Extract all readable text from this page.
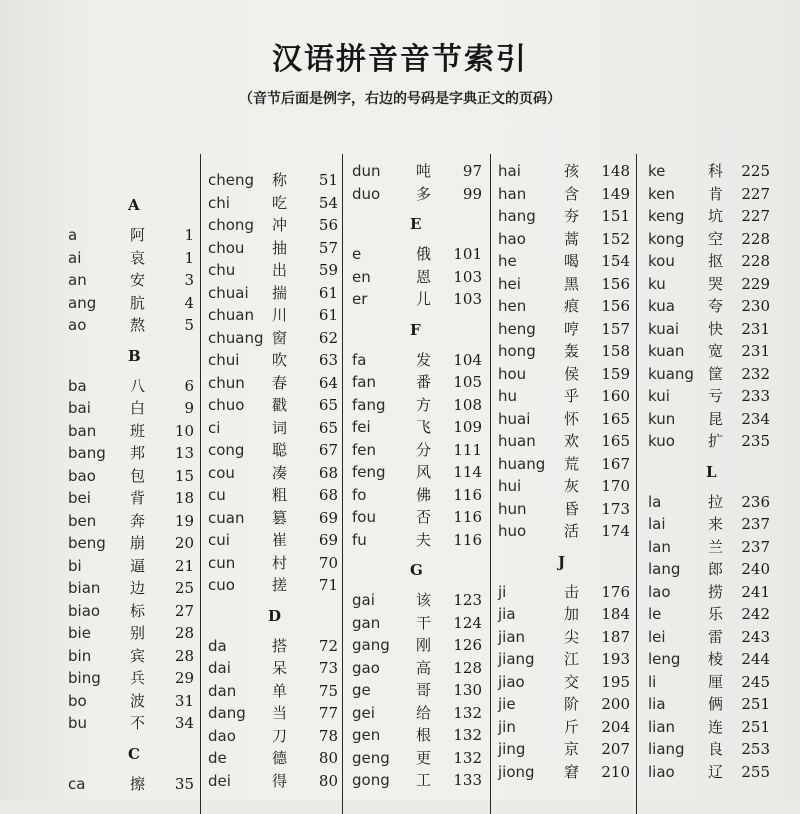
汉语拼音音节索引
（音节后面是例字，右边的号码是字典正文的页码）
A
a	阿	1
ai	哀	1
an	安	3
ang 肮	4
ao	熬	5
B
ba	八	6
bai	白	9
ban 班 10
bang 邦 13
bao 包 15
bei	背 18
ben 奔 19
beng 崩 20
bi	逼 21
bian 边 25
biao 标 27
bie	别 28
bin	宾 28
bing 兵 29
bo	波 31
bu	不 34
C
ca	擦 35
cheng 称 51
chi	吃 54
chong 冲 56
chou 抽 57
chu 出 59
chuai 揣 61
chuan 川 61
chuang 窗 62
chui 吹 63
chun 春 64
chuo 戳 65
ci	词 65
cong 聪 67
cou 凑 68
cu	粗 68
cuan 篡 69
cui	崔 69
cun 村 70
cuo 搓 71
D
da	搭 72
dai	呆 73
dan 单 75
dang 当 77
dao 刀 78
de	德 80
dei	得 80
dun 吨 97
duo 多 99
E
e	俄 101
en	恩 103
er	儿 103
F
fa	发 104
fan	番 105
fang 方 108
fei	飞 109
fen	分 111
feng 风 114
fo	佛 116
fou	否 116
fu	夫 116
G
gai	该 123
gan 干 124
gang 刚 126
gao 高 128
ge	哥 130
gei	给 132
gen 根 132
geng 更 132
gong 工 133
hai	孩 148
han	含 149
hang 夯 151
hao	蒿 152
he	喝 154
hei	黑 156
hen	痕 156
heng 哼 157
hong 轰 158
hou	侯 159
hu	乎 160
huai 怀 165
huan 欢 165
huang 荒 167
hui	灰 170
hun 昏 173
huo	活 174
J
ji	击 176
jia	加 184
jian	尖 187
jiang 江 193
jiao	交 195
jie	阶 200
jin	斤 204
jing	京 207
jiong 窘 210
ke	科 225
ken 肯 227
keng 坑 227
kong 空 228
kou 抠 228
ku	哭 229
kua 夸 230
kuai 快 231
kuan 宽 231
kuang 筐 232
kui	亏 233
kun 昆 234
kuo 扩 235
L
la	拉 236
lai	来 237
lan 兰 237
lang 郎 240
lao 捞 241
le	乐 242
lei	雷 243
leng 棱 244
li	厘 245
lia	俩 251
lian 连 251
liang 良 253
liao 辽 255
